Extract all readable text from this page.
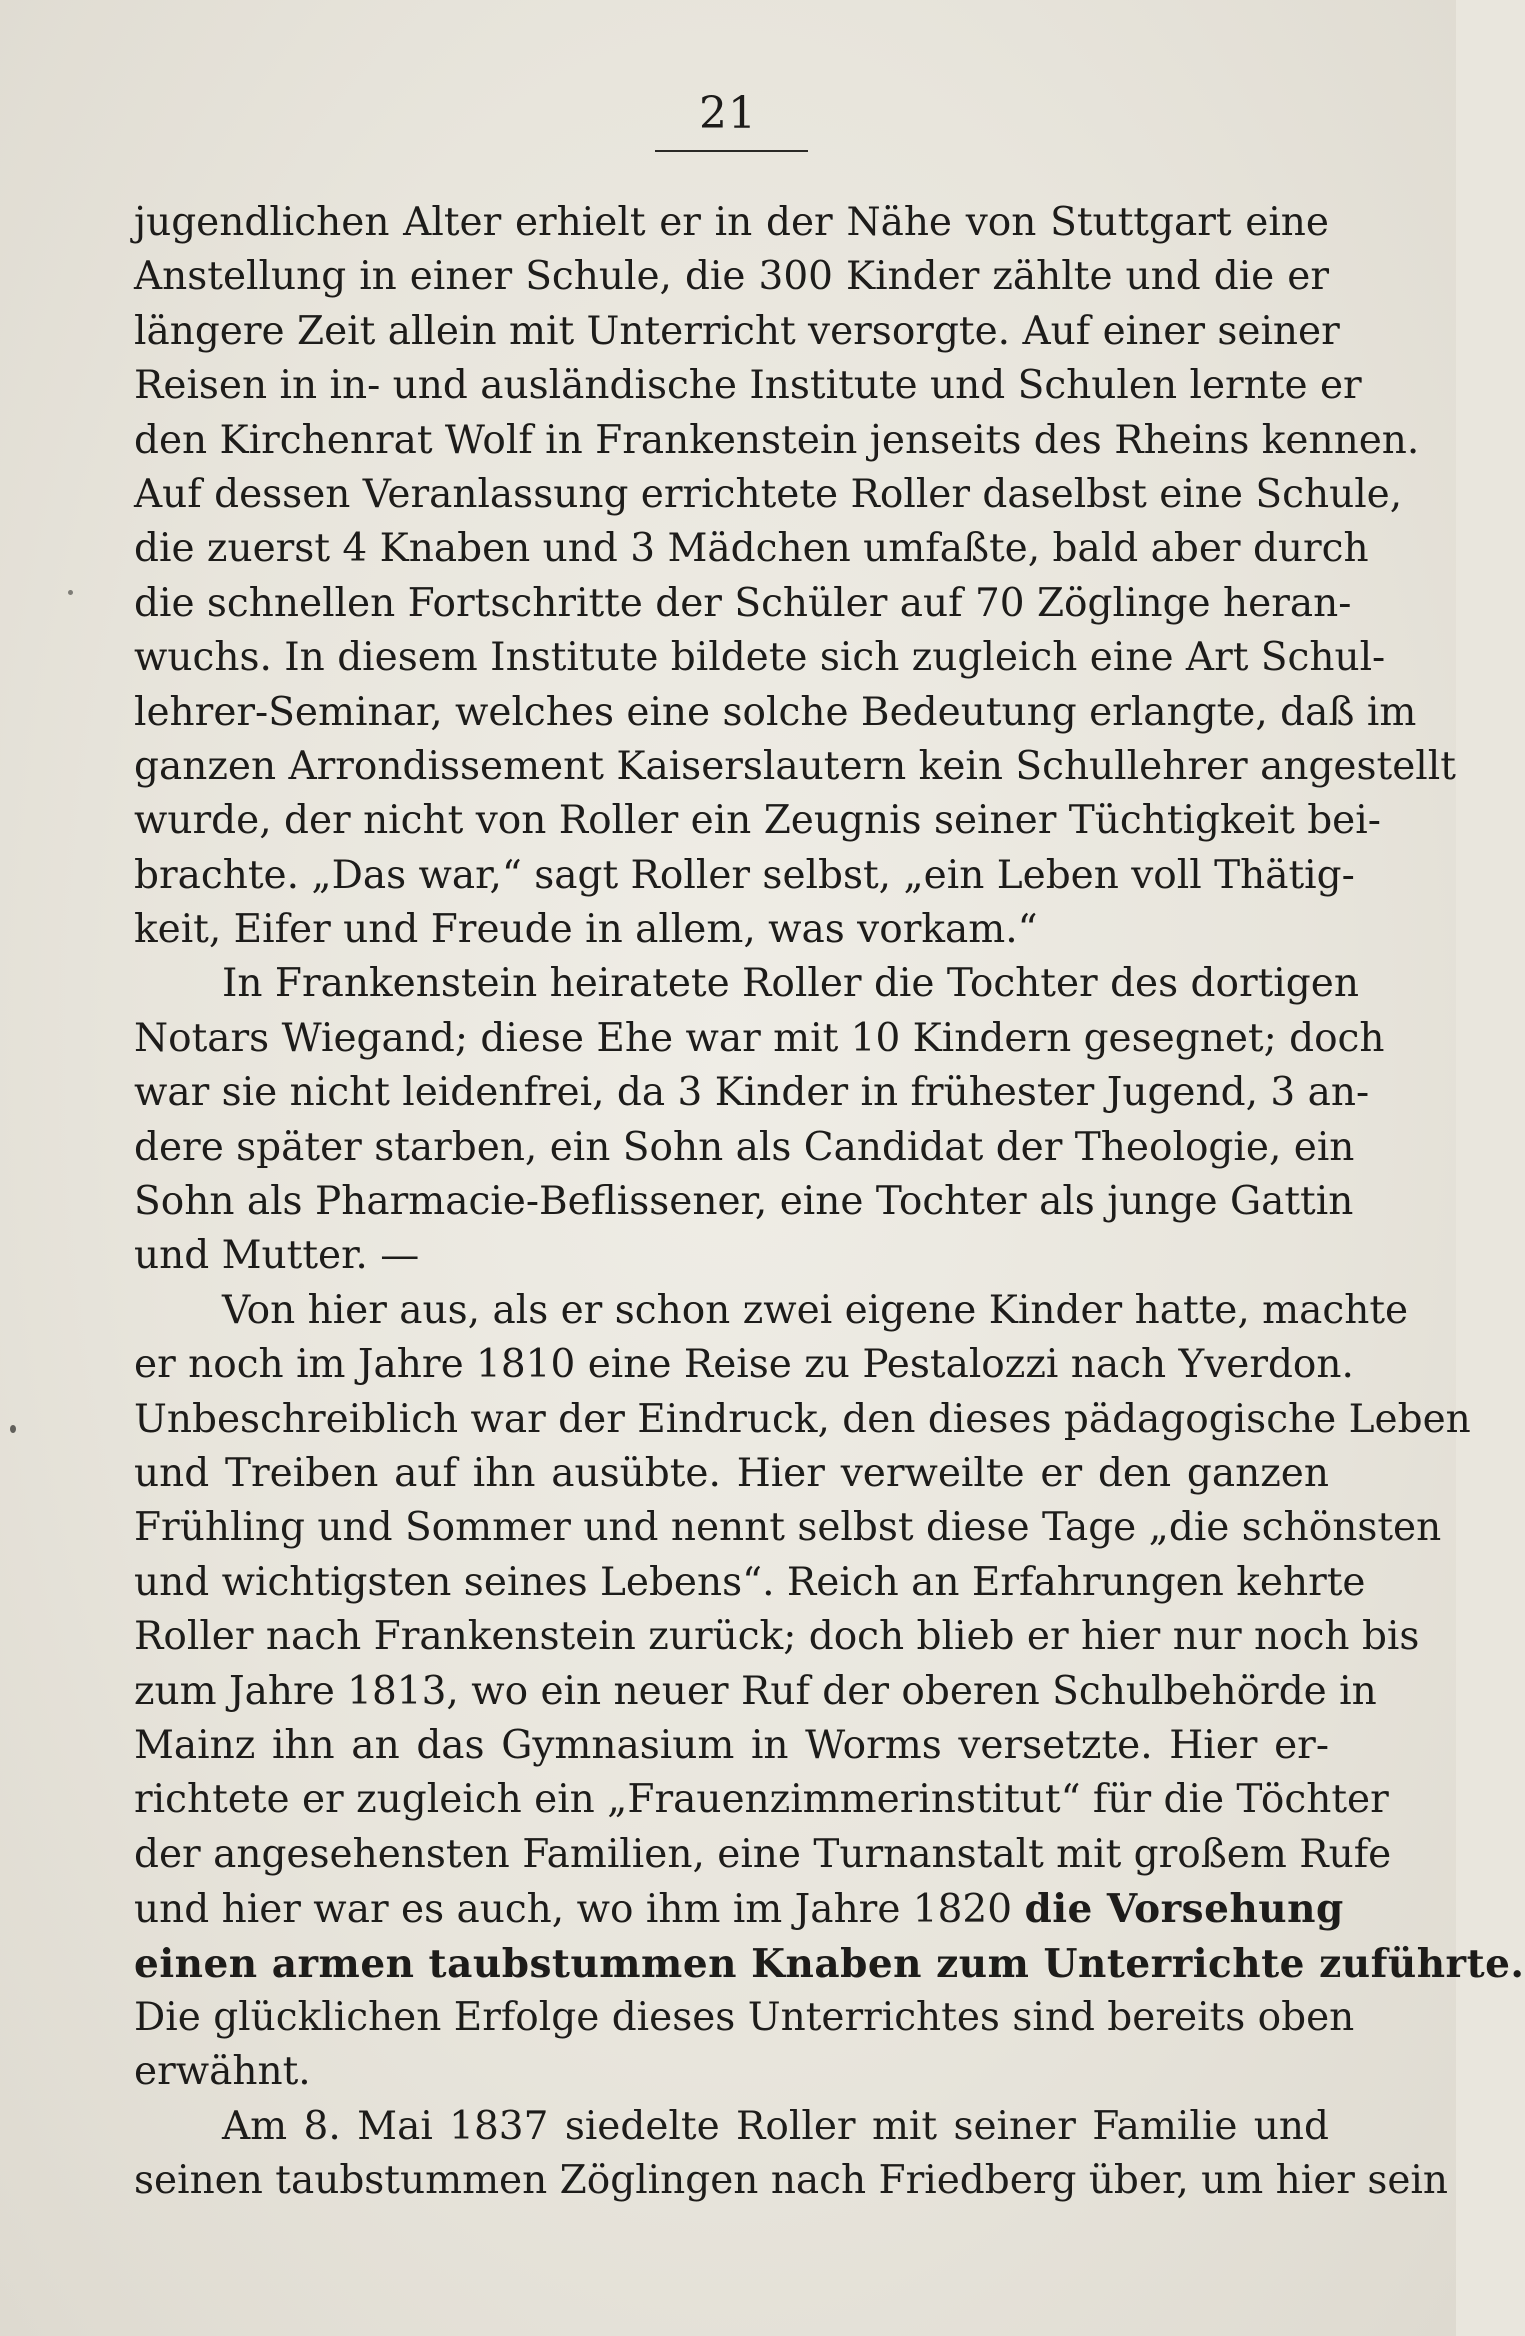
21
jugendlichen Alter erhielt er in der Nähe von Stuttgart eine
Anstellung in einer Schule, die 300 Kinder zählte und die er
längere Zeit allein mit Unterricht versorgte. Auf einer seiner
Reisen in in- und ausländische Institute und Schulen lernte er
den Kirchenrat Wolf in Frankenstein jenseits des Rheins kennen.
Auf dessen Veranlassung errichtete Roller daselbst eine Schule,
die zuerst 4 Knaben und 3 Mädchen umfaßte, bald aber durch
die schnellen Fortschritte der Schüler auf 70 Zöglinge heran-
wuchs. In diesem Institute bildete sich zugleich eine Art Schul-
lehrer-Seminar, welches eine solche Bedeutung erlangte, daß im
ganzen Arrondissement Kaiserslautern kein Schullehrer angestellt
wurde, der nicht von Roller ein Zeugnis seiner Tüchtigkeit bei-
brachte. „Das war,“ sagt Roller selbst, „ein Leben voll Thätig-
keit, Eifer und Freude in allem, was vorkam.“
In Frankenstein heiratete Roller die Tochter des dortigen
Notars Wiegand; diese Ehe war mit 10 Kindern gesegnet; doch
war sie nicht leidenfrei, da 3 Kinder in frühester Jugend, 3 an-
dere später starben, ein Sohn als Candidat der Theologie, ein
Sohn als Pharmacie-Beflissener, eine Tochter als junge Gattin
und Mutter. —
Von hier aus, als er schon zwei eigene Kinder hatte, machte
er noch im Jahre 1810 eine Reise zu Pestalozzi nach Yverdon.
Unbeschreiblich war der Eindruck, den dieses pädagogische Leben
und Treiben auf ihn ausübte. Hier verweilte er den ganzen
Frühling und Sommer und nennt selbst diese Tage „die schönsten
und wichtigsten seines Lebens“. Reich an Erfahrungen kehrte
Roller nach Frankenstein zurück; doch blieb er hier nur noch bis
zum Jahre 1813, wo ein neuer Ruf der oberen Schulbehörde in
Mainz ihn an das Gymnasium in Worms versetzte. Hier er-
richtete er zugleich ein „Frauenzimmerinstitut“ für die Töchter
der angesehensten Familien, eine Turnanstalt mit großem Rufe
und hier war es auch, wo ihm im Jahre 1820 die Vorsehung
einen armen taubstummen Knaben zum Unterrichte zuführte.
Die glücklichen Erfolge dieses Unterrichtes sind bereits oben
erwähnt.
Am 8. Mai 1837 siedelte Roller mit seiner Familie und
seinen taubstummen Zöglingen nach Friedberg über, um hier sein
